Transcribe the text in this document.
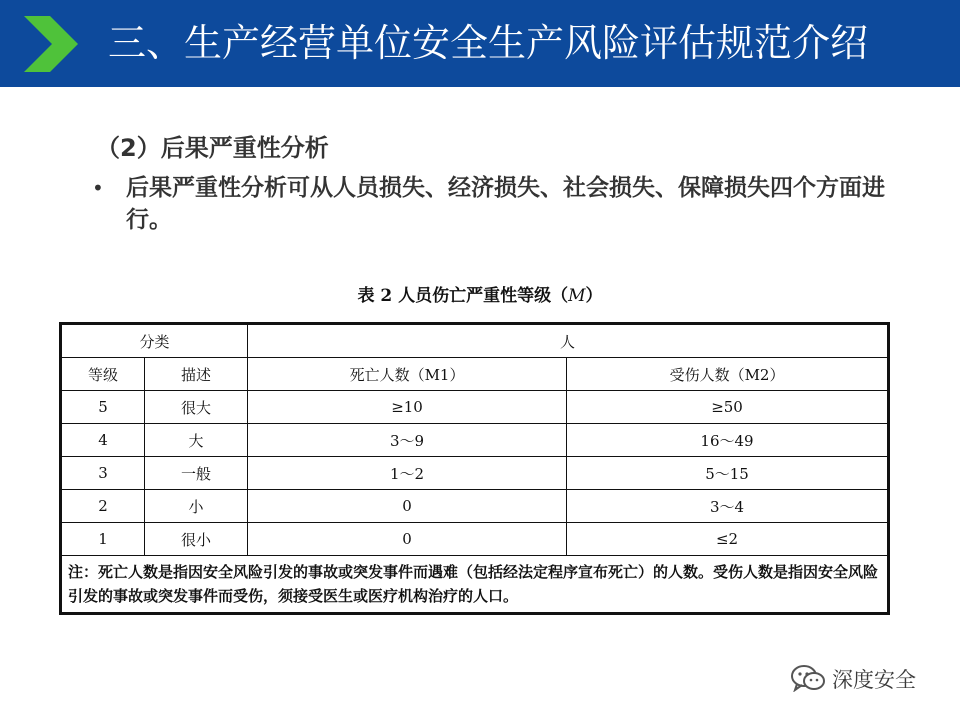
三、生产经营单位安全生产风险评估规范介绍
（2）后果严重性分析
• 后果严重性分析可从人员损失、经济损失、社会损失、保障损失四个方面进行。
表 2 人员伤亡严重性等级（M）
分类		人	
等级	描述	死亡人数（M1）	受伤人数（M2）
5	很大	≥10	≥50
4	大	3～9	16～49
3	一般	1～2	5～15
2	小	0	3～4
1	很小	0	≤2
注：死亡人数是指因安全风险引发的事故或突发事件而遇难（包括经法定程序宣布死亡）的人数。受伤人数是指因安全风险引发的事故或突发事件而受伤，须接受医生或医疗机构治疗的人口。			
深度安全
